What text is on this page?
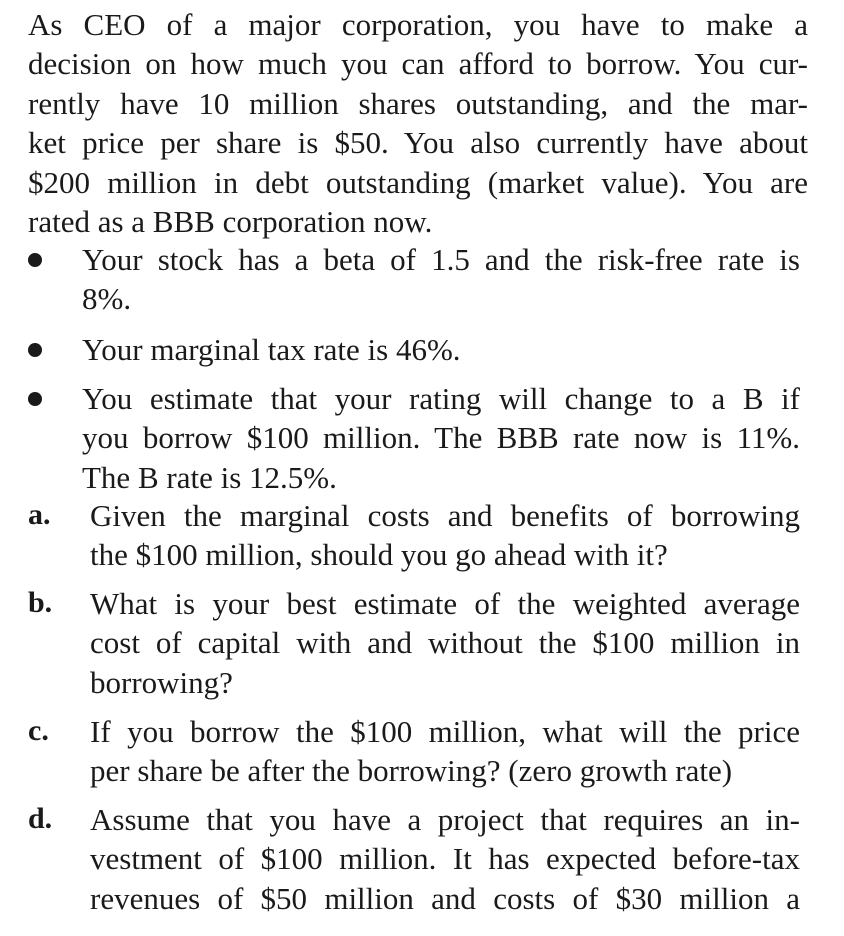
As CEO of a major corporation, you have to make a
decision on how much you can afford to borrow. You cur-
rently have 10 million shares outstanding, and the mar-
ket price per share is $50. You also currently have about
$200 million in debt outstanding (market value). You are
rated as a BBB corporation now.
Your stock has a beta of 1.5 and the risk-free rate is
8%.
Your marginal tax rate is 46%.
You estimate that your rating will change to a B if
you borrow $100 million. The BBB rate now is 11%.
The B rate is 12.5%.
a. Given the marginal costs and benefits of borrowing
the $100 million, should you go ahead with it?
b. What is your best estimate of the weighted average
cost of capital with and without the $100 million in
borrowing?
c. If you borrow the $100 million, what will the price
per share be after the borrowing? (zero growth rate)
d. Assume that you have a project that requires an in-
vestment of $100 million. It has expected before-tax
revenues of $50 million and costs of $30 million a
